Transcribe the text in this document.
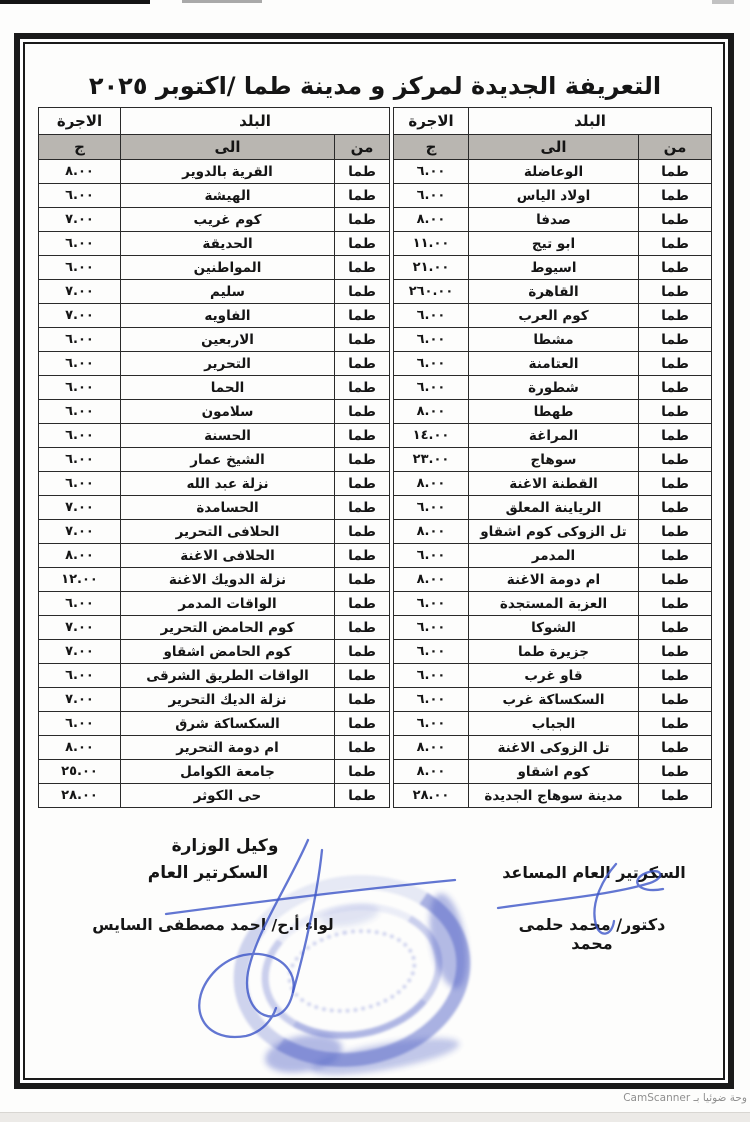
التعريفة الجديدة لمركز و مدينة طما /اكتوبر ٢٠٢٥
البلد		الاجرة
من	الى	ج
طما	الوعاضلة	٦.٠٠
طما	اولاد الياس	٦.٠٠
طما	صدفا	٨.٠٠
طما	ابو تيج	١١.٠٠
طما	اسيوط	٢١.٠٠
طما	القاهرة	٢٦٠.٠٠
طما	كوم العرب	٦.٠٠
طما	مشطا	٦.٠٠
طما	العتامنة	٦.٠٠
طما	شطورة	٦.٠٠
طما	طهطا	٨.٠٠
طما	المراغة	١٤.٠٠
طما	سوهاج	٢٣.٠٠
طما	القطنة الاغنة	٨.٠٠
طما	الرياينة المعلق	٦.٠٠
طما	تل الزوكى كوم اشقاو	٨.٠٠
طما	المدمر	٦.٠٠
طما	ام دومة الاغنة	٨.٠٠
طما	العزبة المستجدة	٦.٠٠
طما	الشوكا	٦.٠٠
طما	جزيرة طما	٦.٠٠
طما	قاو غرب	٦.٠٠
طما	السكساكة غرب	٦.٠٠
طما	الجباب	٦.٠٠
طما	تل الزوكى الاغنة	٨.٠٠
طما	كوم اشقاو	٨.٠٠
طما	مدينة سوهاج الجديدة	٢٨.٠٠
البلد		الاجرة
من	الى	ج
طما	القرية بالدوير	٨.٠٠
طما	الهيشة	٦.٠٠
طما	كوم غريب	٧.٠٠
طما	الحديقة	٦.٠٠
طما	المواطنين	٦.٠٠
طما	سليم	٧.٠٠
طما	الفاويه	٧.٠٠
طما	الاربعين	٦.٠٠
طما	التحرير	٦.٠٠
طما	الحما	٦.٠٠
طما	سلامون	٦.٠٠
طما	الحسنة	٦.٠٠
طما	الشيخ عمار	٦.٠٠
طما	نزلة عبد الله	٦.٠٠
طما	الحسامدة	٧.٠٠
طما	الحلافى التحرير	٧.٠٠
طما	الحلافى الاغنة	٨.٠٠
طما	نزلة الدويك الاغنة	١٢.٠٠
طما	الواقات المدمر	٦.٠٠
طما	كوم الحامض التحرير	٧.٠٠
طما	كوم الحامض اشقاو	٧.٠٠
طما	الواقات الطريق الشرقى	٦.٠٠
طما	نزلة الديك التحرير	٧.٠٠
طما	السكساكة شرق	٦.٠٠
طما	ام دومة التحرير	٨.٠٠
طما	جامعة الكوامل	٢٥.٠٠
طما	حى الكوثر	٢٨.٠٠
وكيل الوزارة
السكرتير العام
لواء أ.ح/ احمد مصطفى السايس
السكرتير العام المساعد
دكتور/ محمد حلمى محمد
وحة ضوئيا بـ CamScanner
